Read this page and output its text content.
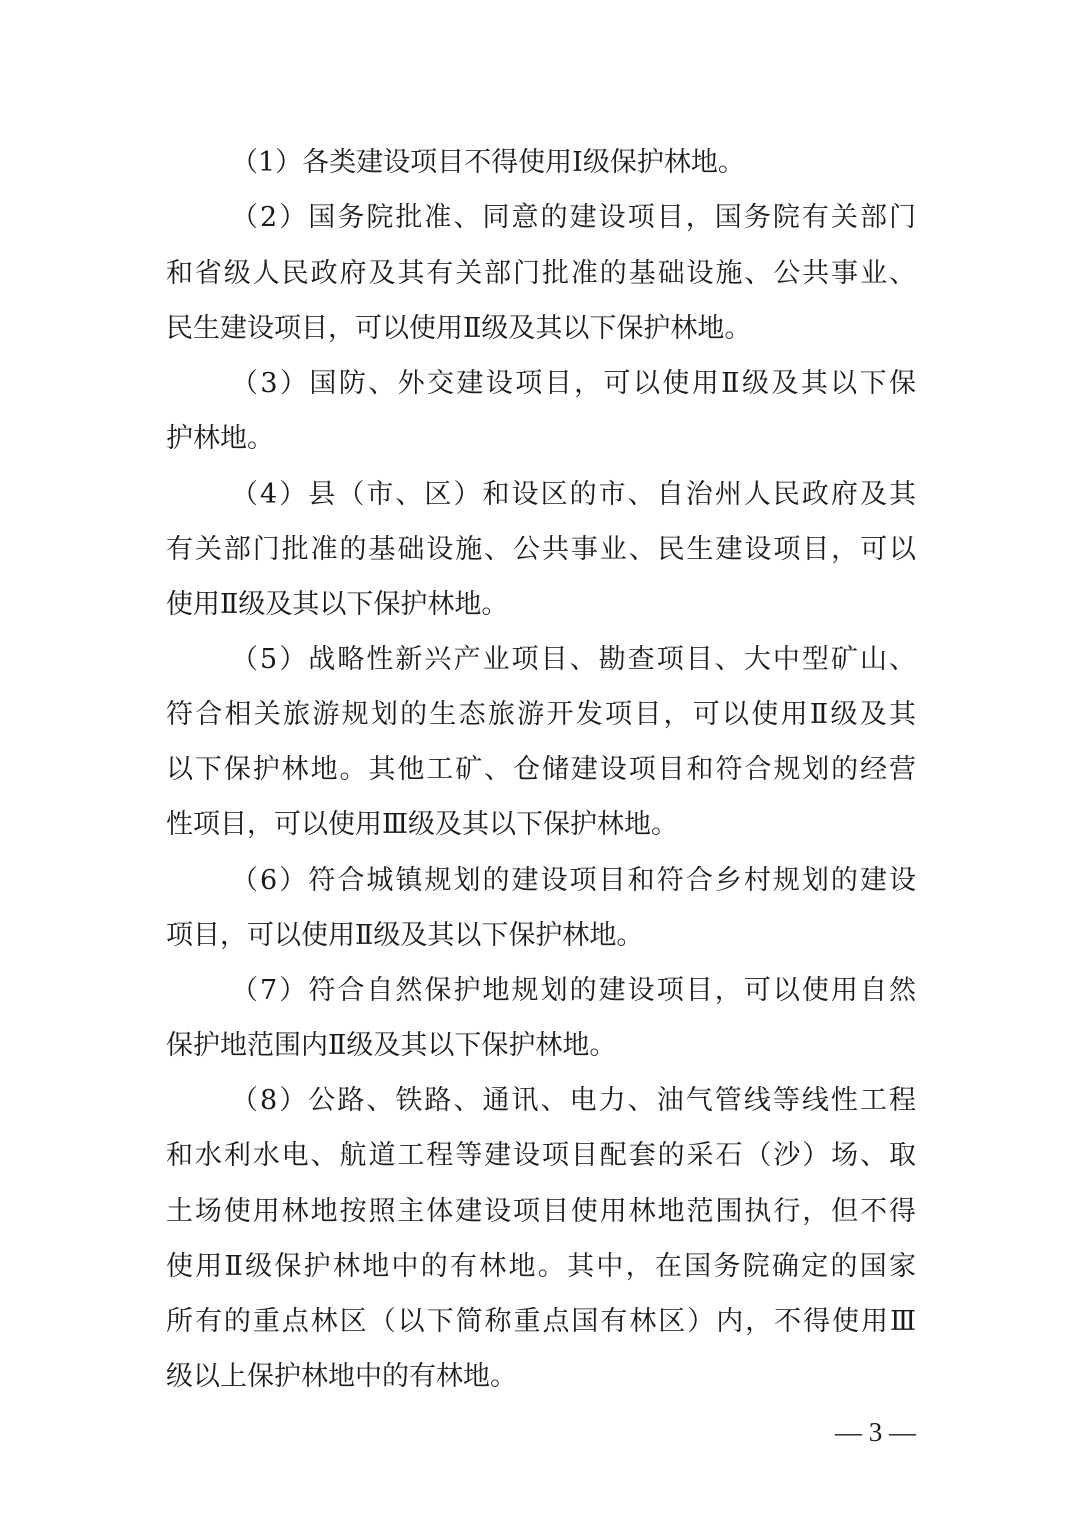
（1）各类建设项目不得使用Ⅰ级保护林地。
（2）国务院批准、同意的建设项目，国务院有关部门
和省级人民政府及其有关部门批准的基础设施、公共事业、
民生建设项目，可以使用Ⅱ级及其以下保护林地。
（3）国防、外交建设项目，可以使用Ⅱ级及其以下保
护林地。
（4）县（市、区）和设区的市、自治州人民政府及其
有关部门批准的基础设施、公共事业、民生建设项目，可以
使用Ⅱ级及其以下保护林地。
（5）战略性新兴产业项目、勘查项目、大中型矿山、
符合相关旅游规划的生态旅游开发项目，可以使用Ⅱ级及其
以下保护林地。其他工矿、仓储建设项目和符合规划的经营
性项目，可以使用Ⅲ级及其以下保护林地。
（6）符合城镇规划的建设项目和符合乡村规划的建设
项目，可以使用Ⅱ级及其以下保护林地。
（7）符合自然保护地规划的建设项目，可以使用自然
保护地范围内Ⅱ级及其以下保护林地。
（8）公路、铁路、通讯、电力、油气管线等线性工程
和水利水电、航道工程等建设项目配套的采石（沙）场、取
土场使用林地按照主体建设项目使用林地范围执行，但不得
使用Ⅱ级保护林地中的有林地。其中，在国务院确定的国家
所有的重点林区（以下简称重点国有林区）内，不得使用Ⅲ
级以上保护林地中的有林地。
— 3 —
